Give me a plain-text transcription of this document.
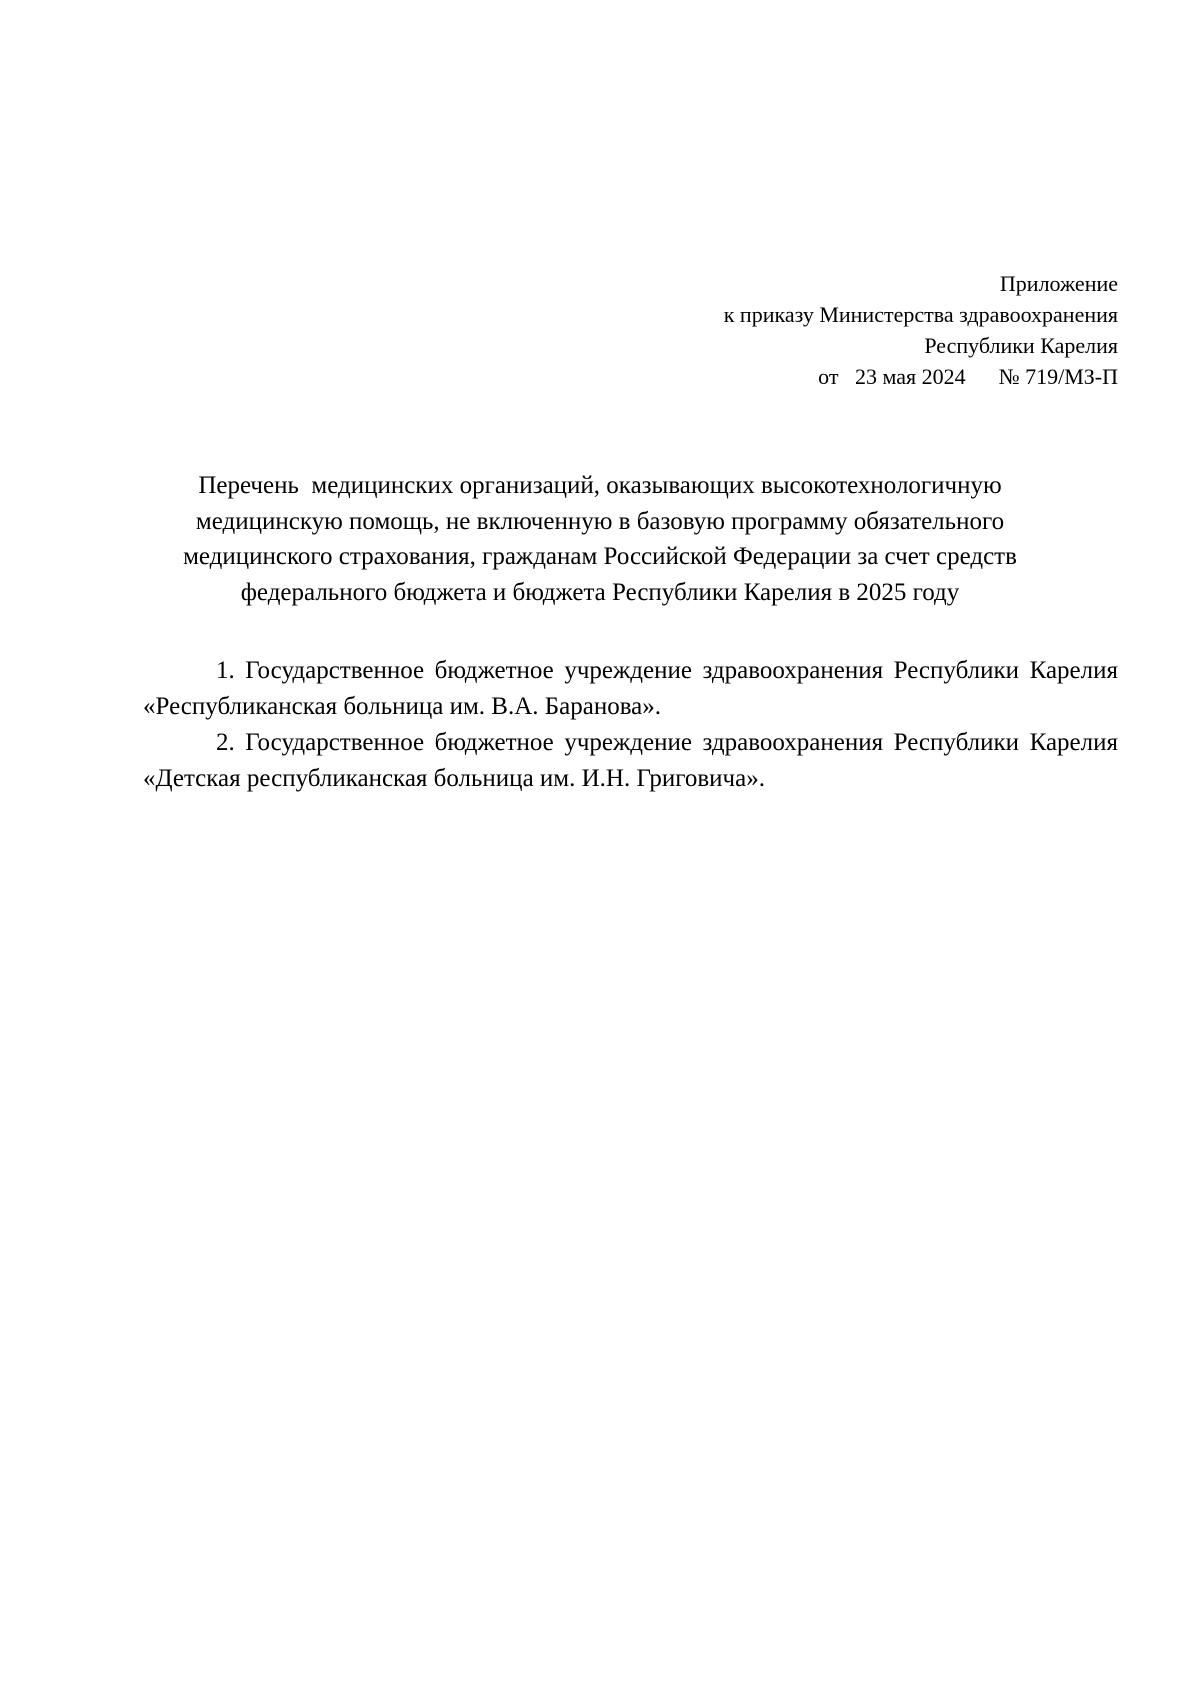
Приложение
к приказу Министерства здравоохранения
Республики Карелия
от 23 мая 2024 № 719/МЗ-П
Перечень  медицинских организаций, оказывающих высокотехнологичную
медицинскую помощь, не включенную в базовую программу обязательного
медицинского страхования, гражданам Российской Федерации за счет средств
федерального бюджета и бюджета Республики Карелия в 2025 году
1. Государственное бюджетное учреждение здравоохранения Республики Карелия «Республиканская больница им. В.А. Баранова».
2. Государственное бюджетное учреждение здравоохранения Республики Карелия «Детская республиканская больница им. И.Н. Григовича».
